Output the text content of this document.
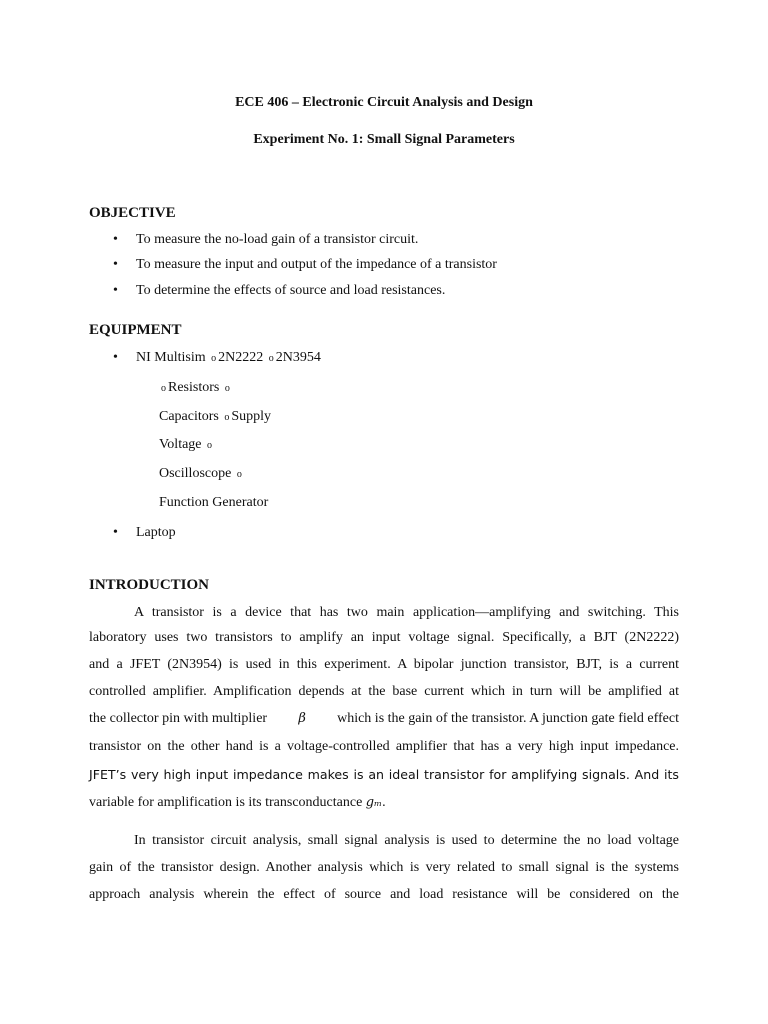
ECE 406 – Electronic Circuit Analysis and Design
Experiment No. 1: Small Signal Parameters
OBJECTIVE
• To measure the no-load gain of a transistor circuit.
• To measure the input and output of the impedance of a transistor
• To determine the effects of source and load resistances.
EQUIPMENT
• NI Multisim o 2N2222 o 2N3954
o Resistors o
Capacitors o Supply
Voltage o
Oscilloscope o
Function Generator
• Laptop
INTRODUCTION
A transistor is a device that has two main application—amplifying and switching. This
laboratory uses two transistors to amplify an input voltage signal. Specifically, a BJT (2N2222)
and a JFET (2N3954) is used in this experiment. A bipolar junction transistor, BJT, is a current
controlled amplifier. Amplification depends at the base current which in turn will be amplified at
the collector pin with multiplier β which is the gain of the transistor. A junction gate field effect
transistor on the other hand is a voltage-controlled amplifier that has a very high input impedance.
JFET’s very high input impedance makes is an ideal transistor for amplifying signals. And its
variable for amplification is its transconductance gₘ.
In transistor circuit analysis, small signal analysis is used to determine the no load voltage
gain of the transistor design. Another analysis which is very related to small signal is the systems
approach analysis wherein the effect of source and load resistance will be considered on the
